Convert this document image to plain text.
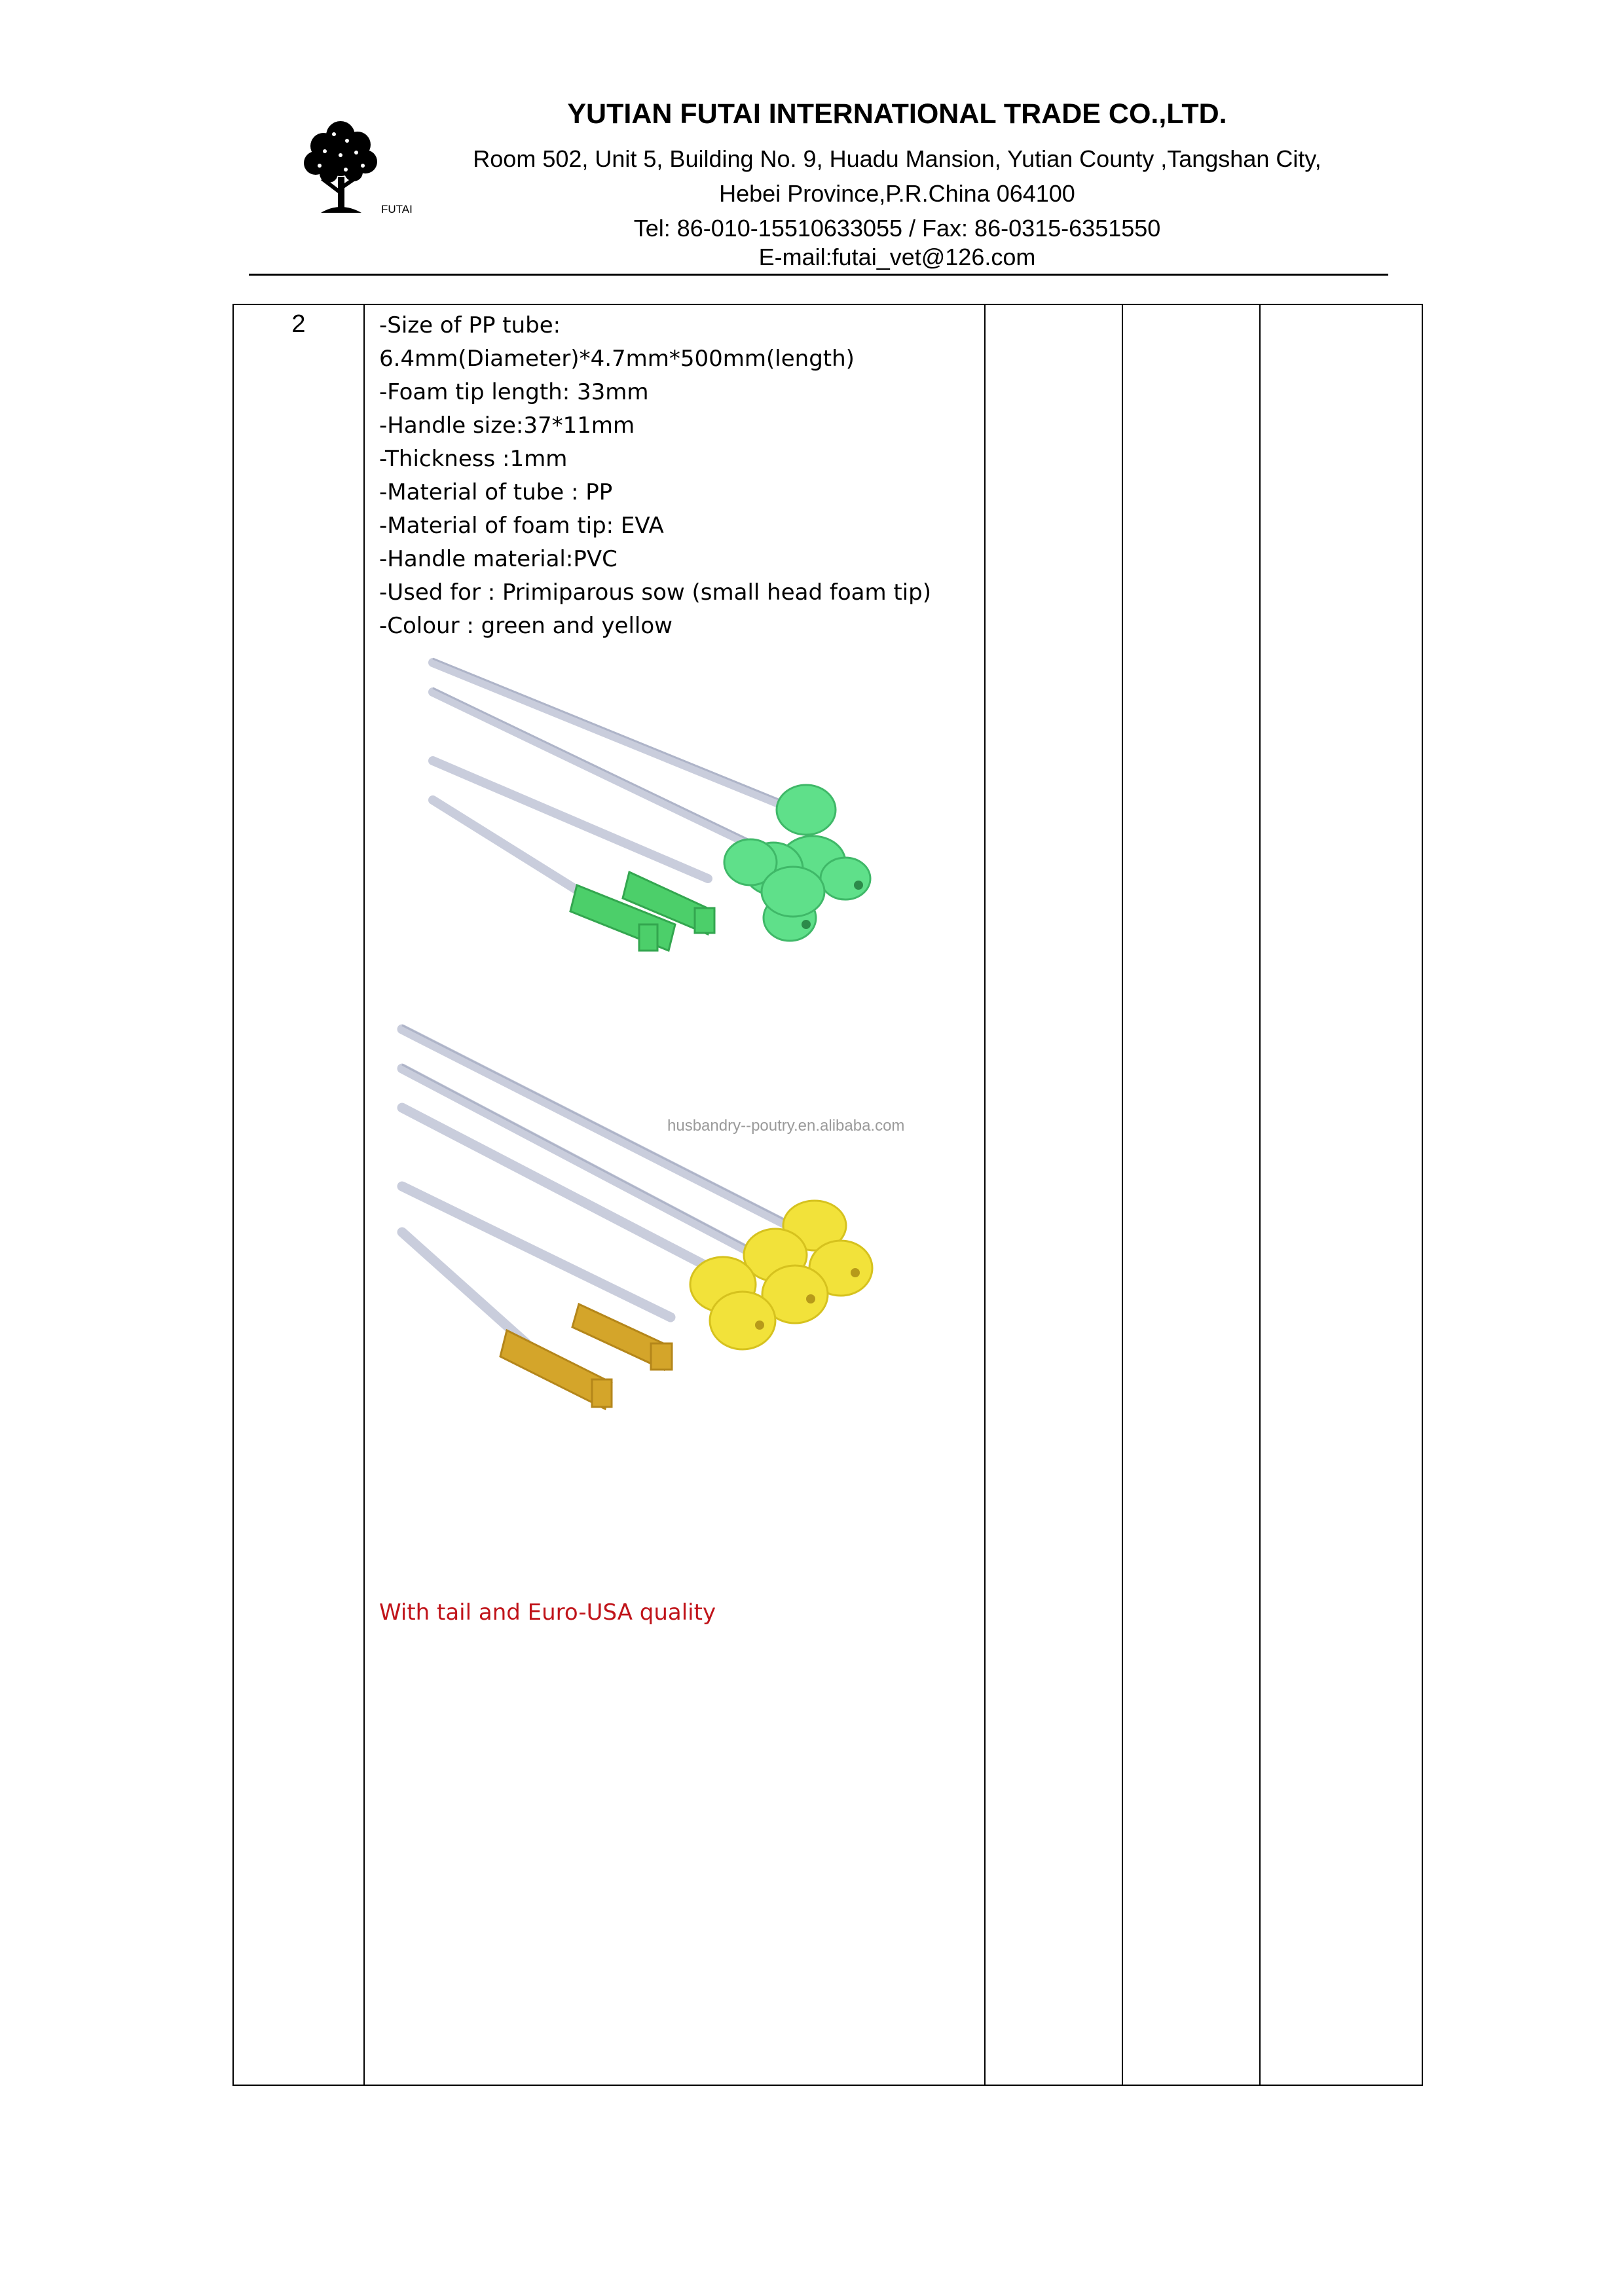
FUTAI
YUTIAN FUTAI INTERNATIONAL TRADE CO.,LTD.
Room 502, Unit 5, Building No. 9, Huadu Mansion, Yutian County ,Tangshan City,
Hebei Province,P.R.China 064100
Tel: 86-010-15510633055 / Fax: 86-0315-6351550
E-mail:futai_vet@126.com
2	-Size of PP tube:
6.4mm(Diameter)*4.7mm*500mm(length)
-Foam tip length: 33mm
-Handle size:37*11mm
-Thickness :1mm
-Material of tube : PP
-Material of foam tip: EVA
-Handle material:PVC
-Used for : Primiparous sow (small head foam tip)
-Colour : green and yellow
husbandry--poutry.en.alibaba.com
With tail and Euro-USA quality
